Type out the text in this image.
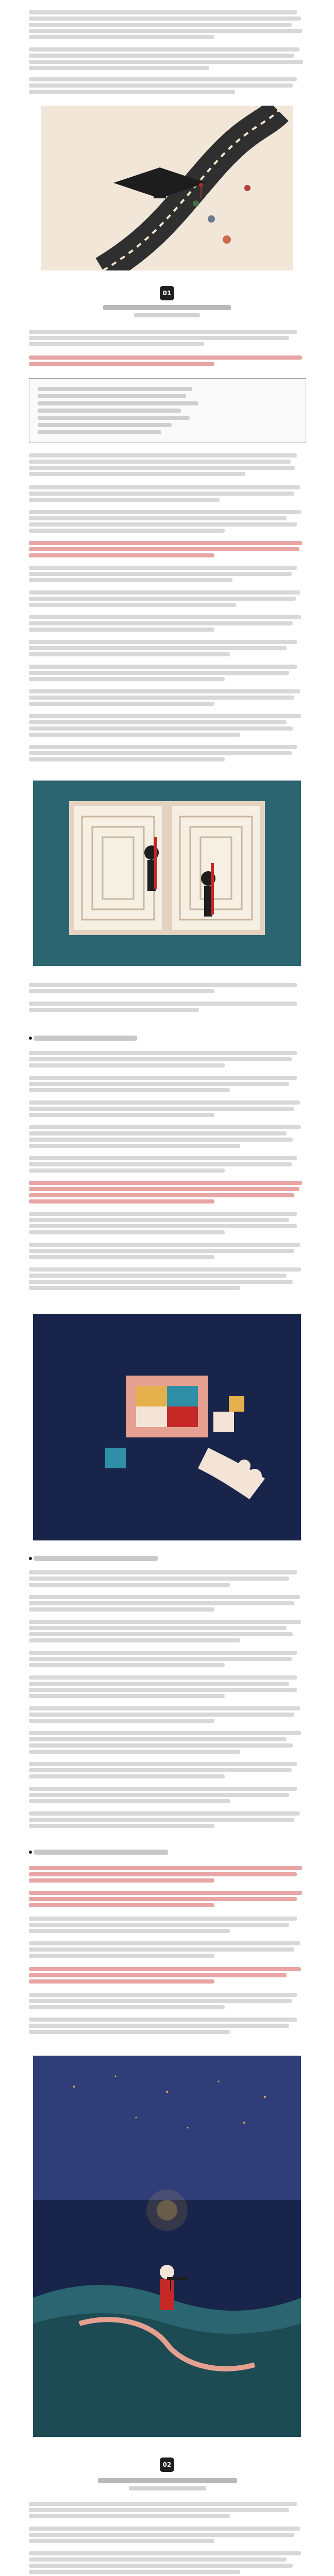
01
02
